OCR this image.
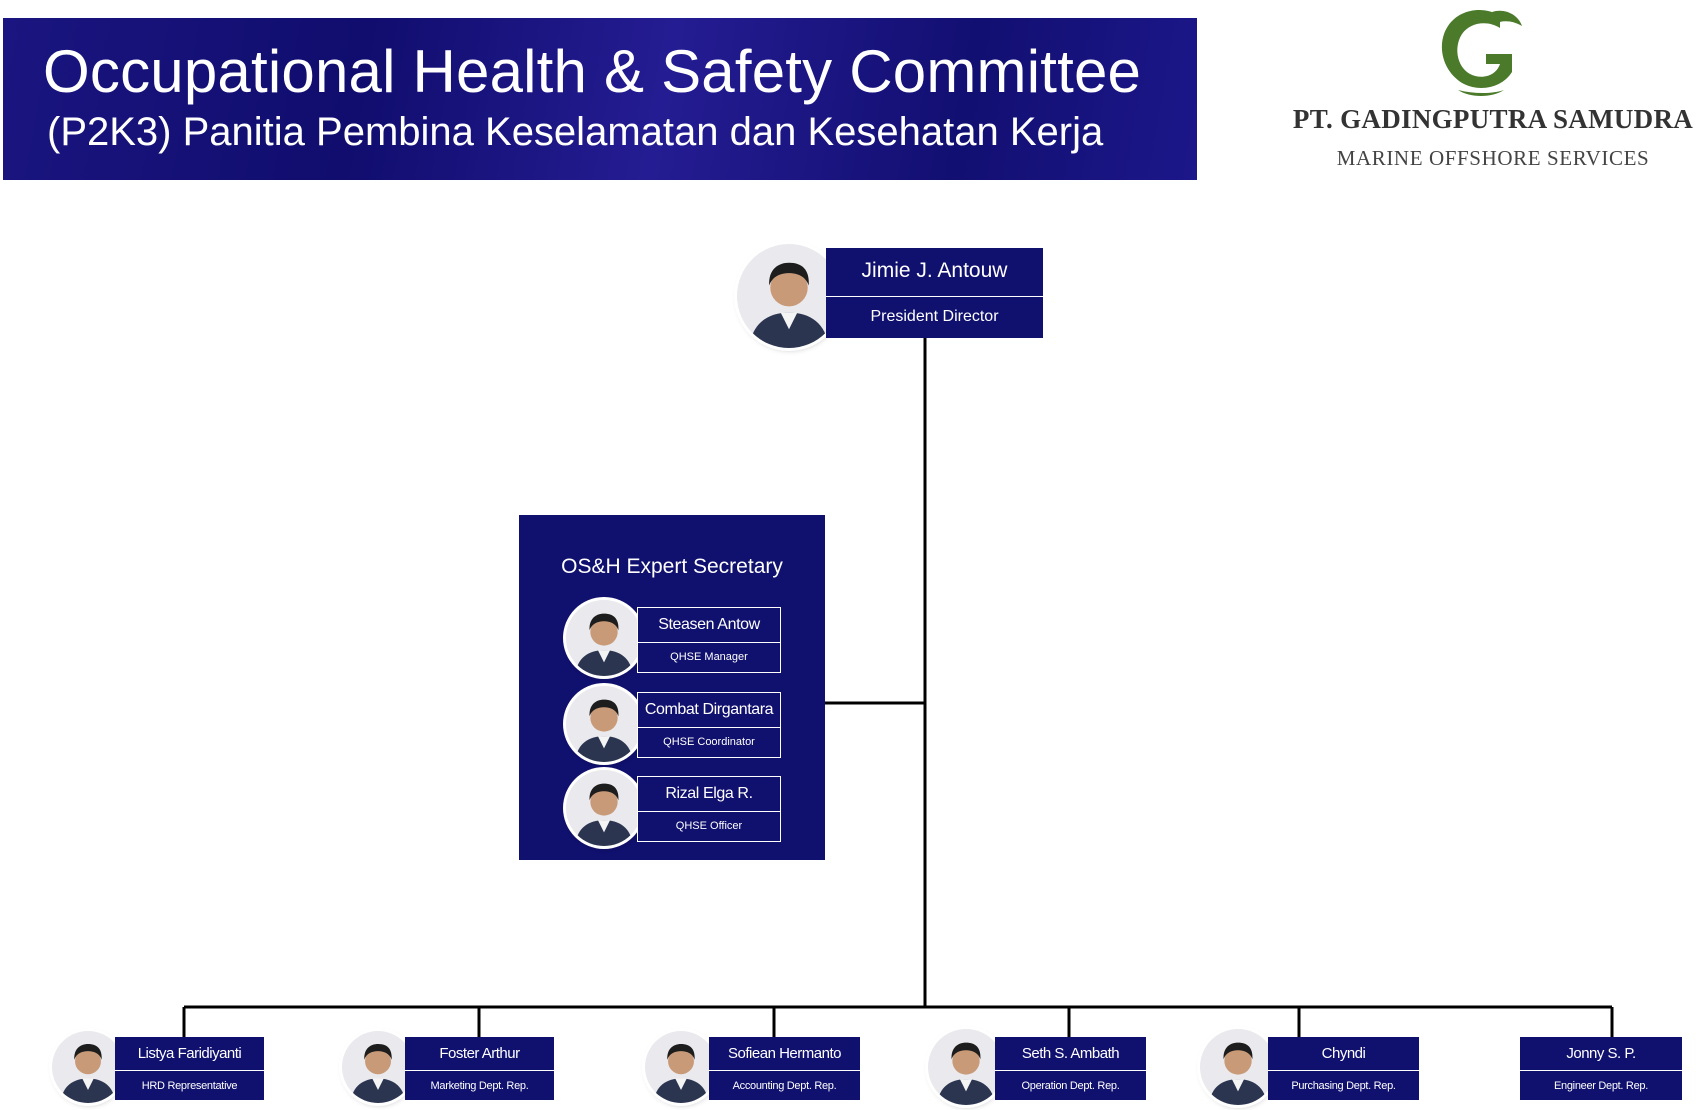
Occupational Health & Safety Committee
(P2K3) Panitia Pembina Keselamatan dan Kesehatan Kerja	PT. GADINGPUTRA SAMUDRA
MARINE OFFSHORE SERVICES
Jimie J. Antouw
President Director
OS&H Expert Secretary
Steasen Antow
QHSE Manager
Combat Dirgantara
QHSE Coordinator
Rizal Elga R.
QHSE Officer
Listya Faridiyanti
HRD Representative
Foster Arthur
Marketing Dept. Rep.
Sofiean Hermanto
Accounting Dept. Rep.
Seth S. Ambath
Operation Dept. Rep.
Chyndi
Purchasing Dept. Rep.
Jonny S. P.
Engineer Dept. Rep.
